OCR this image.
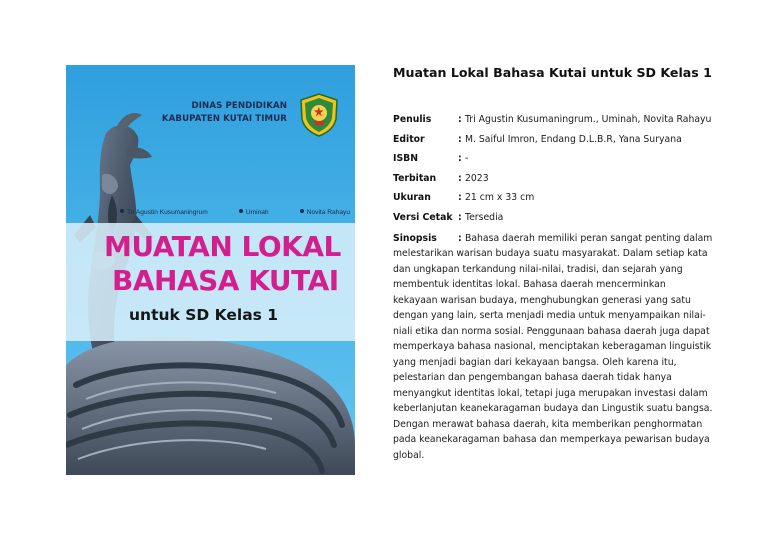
DINAS PENDIDIKAN
KABUPATEN KUTAI TIMUR
Tri Agustin Kusumaningrum	Uminah	Novita Rahayu
MUATAN LOKAL
BAHASA KUTAI
untuk SD Kelas 1
Muatan Lokal Bahasa Kutai untuk SD Kelas 1
Penulis	: Tri Agustin Kusumaningrum., Uminah, Novita Rahayu
Editor	: M. Saiful Imron, Endang D.L.B.R, Yana Suryana
ISBN	: -
Terbitan	: 2023
Ukuran	: 21 cm x 33 cm
Versi Cetak	: Tersedia
Sinopsis	: Bahasa daerah memiliki peran sangat penting dalam melestarikan warisan budaya suatu masyarakat. Dalam setiap kata dan ungkapan terkandung nilai-nilai, tradisi, dan sejarah yang membentuk identitas lokal. Bahasa daerah mencerminkan kekayaan warisan budaya, menghubungkan generasi yang satu dengan yang lain, serta menjadi media untuk menyampaikan nilai-niali etika dan norma sosial. Penggunaan bahasa daerah juga dapat memperkaya bahasa nasional, menciptakan keberagaman linguistik yang menjadi bagian dari kekayaan bangsa. Oleh karena itu, pelestarian dan pengembangan bahasa daerah tidak hanya menyangkut identitas lokal, tetapi juga merupakan investasi dalam keberlanjutan keanekaragaman budaya dan Lingustik suatu bangsa. Dengan merawat bahasa daerah, kita memberikan penghormatan pada keanekaragaman bahasa dan memperkaya pewarisan budaya global.
